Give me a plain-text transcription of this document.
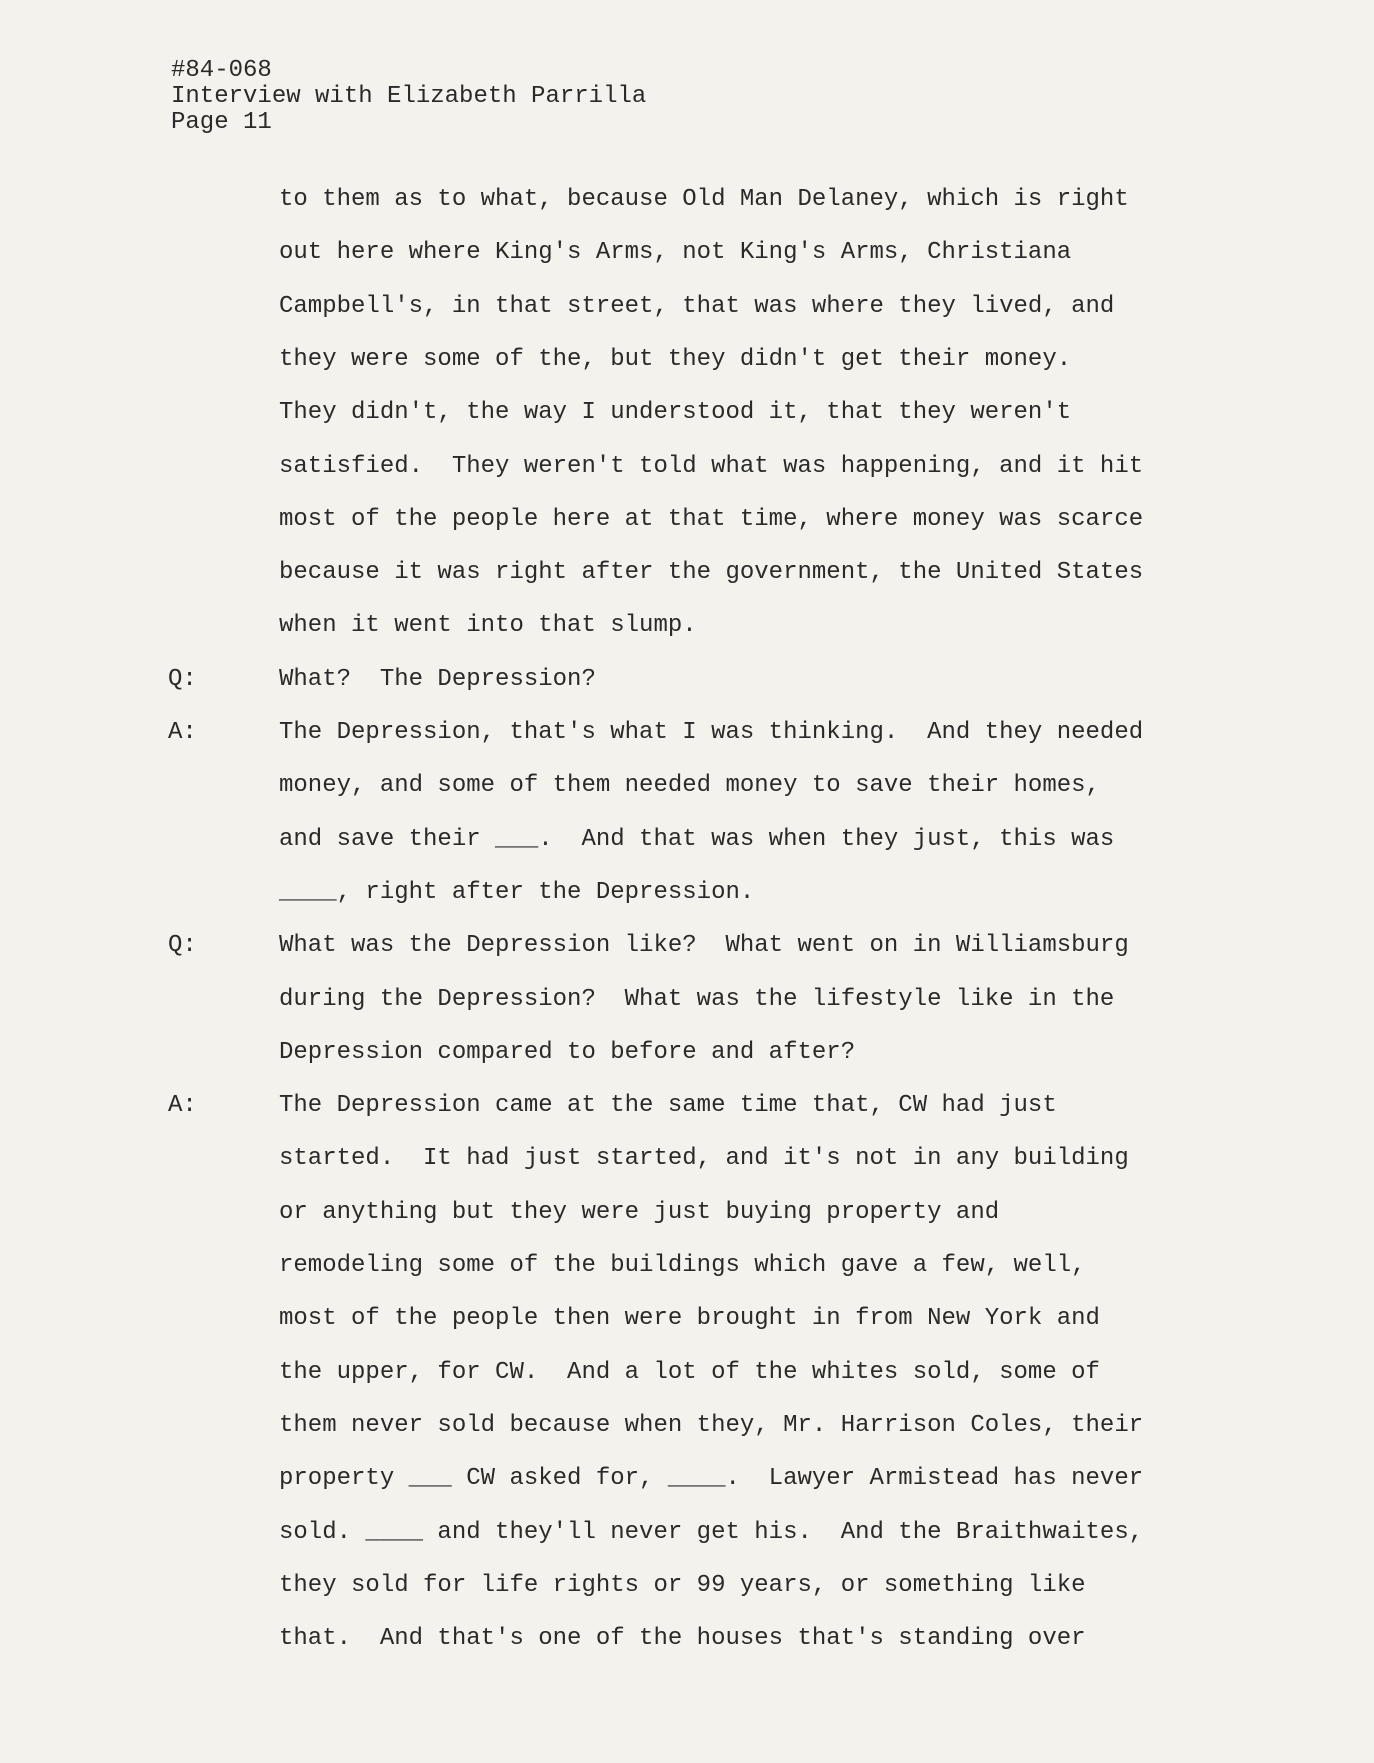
#84-068
Interview with Elizabeth Parrilla
Page 11
to them as to what, because Old Man Delaney, which is right
out here where King's Arms, not King's Arms, Christiana
Campbell's, in that street, that was where they lived, and
they were some of the, but they didn't get their money.
They didn't, the way I understood it, that they weren't
satisfied.  They weren't told what was happening, and it hit
most of the people here at that time, where money was scarce
because it was right after the government, the United States
when it went into that slump.
Q:	What?  The Depression?
A:	The Depression, that's what I was thinking.  And they needed
money, and some of them needed money to save their homes,
and save their ___.  And that was when they just, this was
____, right after the Depression.
Q:	What was the Depression like?  What went on in Williamsburg
during the Depression?  What was the lifestyle like in the
Depression compared to before and after?
A:	The Depression came at the same time that, CW had just
started.  It had just started, and it's not in any building
or anything but they were just buying property and
remodeling some of the buildings which gave a few, well,
most of the people then were brought in from New York and
the upper, for CW.  And a lot of the whites sold, some of
them never sold because when they, Mr. Harrison Coles, their
property ___ CW asked for, ____.  Lawyer Armistead has never
sold. ____ and they'll never get his.  And the Braithwaites,
they sold for life rights or 99 years, or something like
that.  And that's one of the houses that's standing over
